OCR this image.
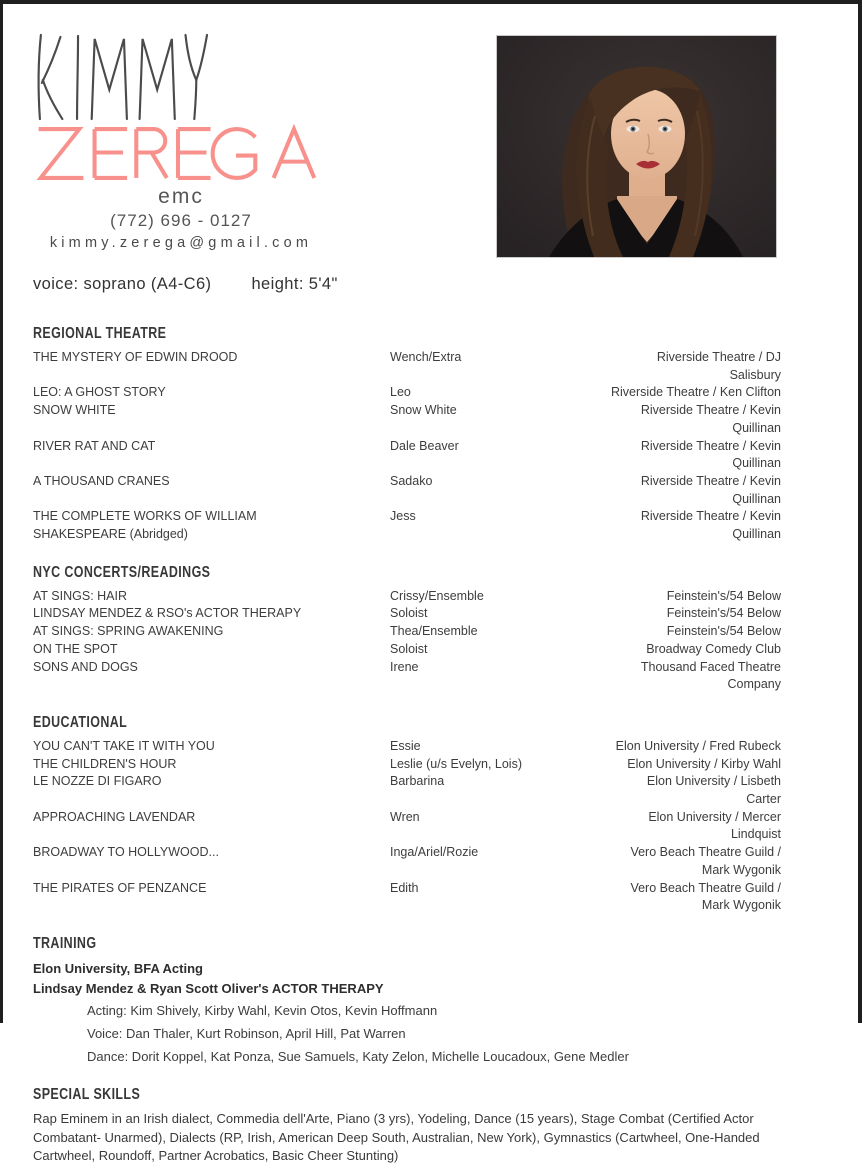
emc
(772) 696 - 0127
kimmy.zerega@gmail.com
voice: soprano (A4-C6) height: 5'4"
REGIONAL THEATRE
THE MYSTERY OF EDWIN DROOD	Wench/Extra	Riverside Theatre / DJ Salisbury
LEO: A GHOST STORY	Leo	Riverside Theatre / Ken Clifton
SNOW WHITE	Snow White	Riverside Theatre / Kevin Quillinan
RIVER RAT AND CAT	Dale Beaver	Riverside Theatre / Kevin Quillinan
A THOUSAND CRANES	Sadako	Riverside Theatre / Kevin Quillinan
THE COMPLETE WORKS OF WILLIAM
SHAKESPEARE (Abridged)
Jess	Riverside Theatre / Kevin Quillinan
NYC CONCERTS/READINGS
AT SINGS: HAIR	Crissy/Ensemble	Feinstein's/54 Below
LINDSAY MENDEZ & RSO's ACTOR THERAPY	Soloist	Feinstein's/54 Below
AT SINGS: SPRING AWAKENING	Thea/Ensemble	Feinstein's/54 Below
ON THE SPOT	Soloist	Broadway Comedy Club
SONS AND DOGS	Irene	Thousand Faced Theatre Company
EDUCATIONAL
YOU CAN'T TAKE IT WITH YOU	Essie	Elon University / Fred Rubeck
THE CHILDREN'S HOUR	Leslie (u/s Evelyn, Lois)	Elon University / Kirby Wahl
LE NOZZE DI FIGARO	Barbarina	Elon University / Lisbeth Carter
APPROACHING LAVENDAR	Wren	Elon University / Mercer Lindquist
BROADWAY TO HOLLYWOOD...	Inga/Ariel/Rozie	Vero Beach Theatre Guild / Mark Wygonik
THE PIRATES OF PENZANCE	Edith	Vero Beach Theatre Guild / Mark Wygonik
TRAINING
Elon University, BFA Acting
Lindsay Mendez & Ryan Scott Oliver's ACTOR THERAPY
Acting: Kim Shively, Kirby Wahl, Kevin Otos, Kevin Hoffmann
Voice: Dan Thaler, Kurt Robinson, April Hill, Pat Warren
Dance: Dorit Koppel, Kat Ponza, Sue Samuels, Katy Zelon, Michelle Loucadoux, Gene Medler
SPECIAL SKILLS
Rap Eminem in an Irish dialect, Commedia dell'Arte, Piano (3 yrs), Yodeling, Dance (15 years), Stage Combat (Certified Actor Combatant- Unarmed), Dialects (RP, Irish, American Deep South, Australian, New York), Gymnastics (Cartwheel, One-Handed Cartwheel, Roundoff, Partner Acrobatics, Basic Cheer Stunting)
